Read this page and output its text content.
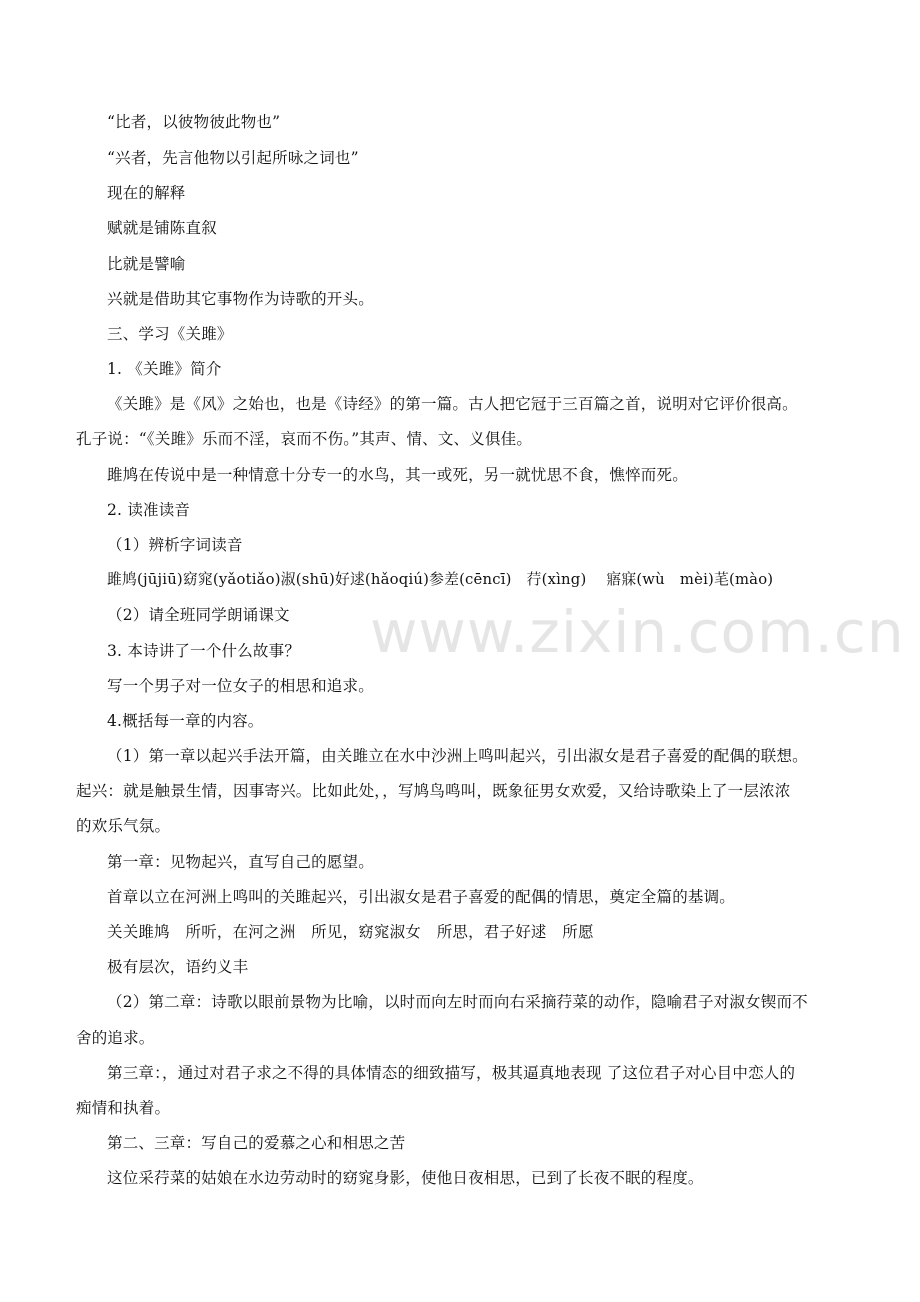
www.zixin.com.cn
“比者，以彼物彼此物也”
“兴者，先言他物以引起所咏之词也”
现在的解释
赋就是铺陈直叙
比就是譬喻
兴就是借助其它事物作为诗歌的开头。
三、学习《关雎》
1. 《关雎》简介
《关雎》是《风》之始也，也是《诗经》的第一篇。古人把它冠于三百篇之首，说明对它评价很高。
孔子说：“《关雎》乐而不淫，哀而不伤。”其声、情、文、义俱佳。
雎鸠在传说中是一种情意十分专一的水鸟，其一或死，另一就忧思不食，憔悴而死。
2. 读准读音
（1）辨析字词读音
雎鸠(jūjiū)窈窕(yǎotiǎo)淑(shū)好逑(hǎoqiú)参差(cēncī)　荇(xìng)　 寤寐(wù　mèi)芼(mào)
（2）请全班同学朗诵课文
3. 本诗讲了一个什么故事？
写一个男子对一位女子的相思和追求。
4.概括每一章的内容。
（1）第一章以起兴手法开篇，由关雎立在水中沙洲上鸣叫起兴，引出淑女是君子喜爱的配偶的联想。
起兴：就是触景生情，因事寄兴。比如此处，，写鸠鸟鸣叫，既象征男女欢爱，又给诗歌染上了一层浓浓
的欢乐气氛。
第一章：见物起兴，直写自己的愿望。
首章以立在河洲上鸣叫的关雎起兴，引出淑女是君子喜爱的配偶的情思，奠定全篇的基调。
关关雎鸠　所听，在河之洲　所见，窈窕淑女　所思，君子好逑　所愿
极有层次，语约义丰
（2）第二章：诗歌以眼前景物为比喻，以时而向左时而向右采摘荇菜的动作，隐喻君子对淑女锲而不
舍的追求。
第三章：，通过对君子求之不得的具体情态的细致描写，极其逼真地表现 了这位君子对心目中恋人的
痴情和执着。
第二、三章：写自己的爱慕之心和相思之苦
这位采荇菜的姑娘在水边劳动时的窈窕身影，使他日夜相思，已到了长夜不眠的程度。
